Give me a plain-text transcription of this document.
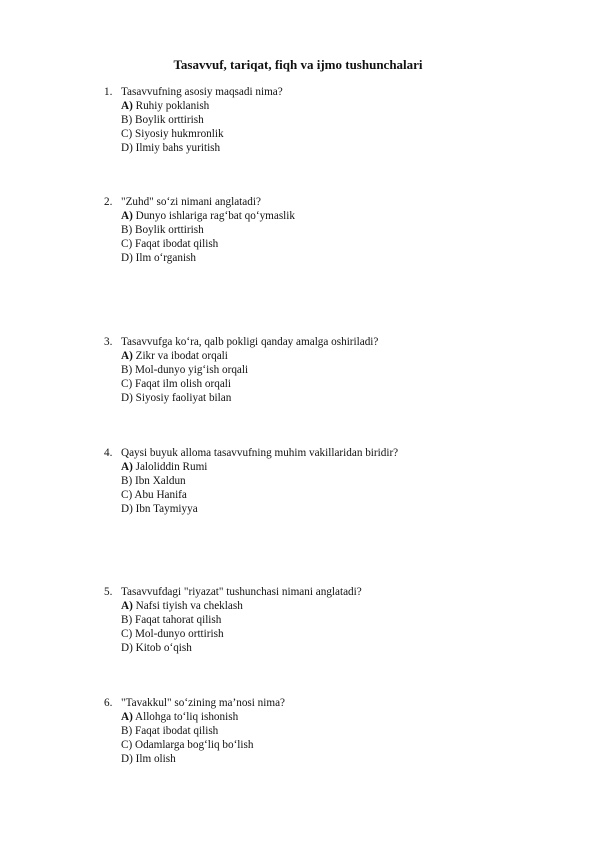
Tasavvuf, tariqat, fiqh va ijmo tushunchalari
1. Tasavvufning asosiy maqsadi nima?
A) Ruhiy poklanish
B) Boylik orttirish
C) Siyosiy hukmronlik
D) Ilmiy bahs yuritish
2. "Zuhd" so‘zi nimani anglatadi?
A) Dunyo ishlariga rag‘bat qo‘ymaslik
B) Boylik orttirish
C) Faqat ibodat qilish
D) Ilm o‘rganish
3. Tasavvufga ko‘ra, qalb pokligi qanday amalga oshiriladi?
A) Zikr va ibodat orqali
B) Mol-dunyo yig‘ish orqali
C) Faqat ilm olish orqali
D) Siyosiy faoliyat bilan
4. Qaysi buyuk alloma tasavvufning muhim vakillaridan biridir?
A) Jaloliddin Rumi
B) Ibn Xaldun
C) Abu Hanifa
D) Ibn Taymiyya
5. Tasavvufdagi "riyazat" tushunchasi nimani anglatadi?
A) Nafsi tiyish va cheklash
B) Faqat tahorat qilish
C) Mol-dunyo orttirish
D) Kitob o‘qish
6. "Tavakkul" so‘zining ma’nosi nima?
A) Allohga to‘liq ishonish
B) Faqat ibodat qilish
C) Odamlarga bog‘liq bo‘lish
D) Ilm olish
